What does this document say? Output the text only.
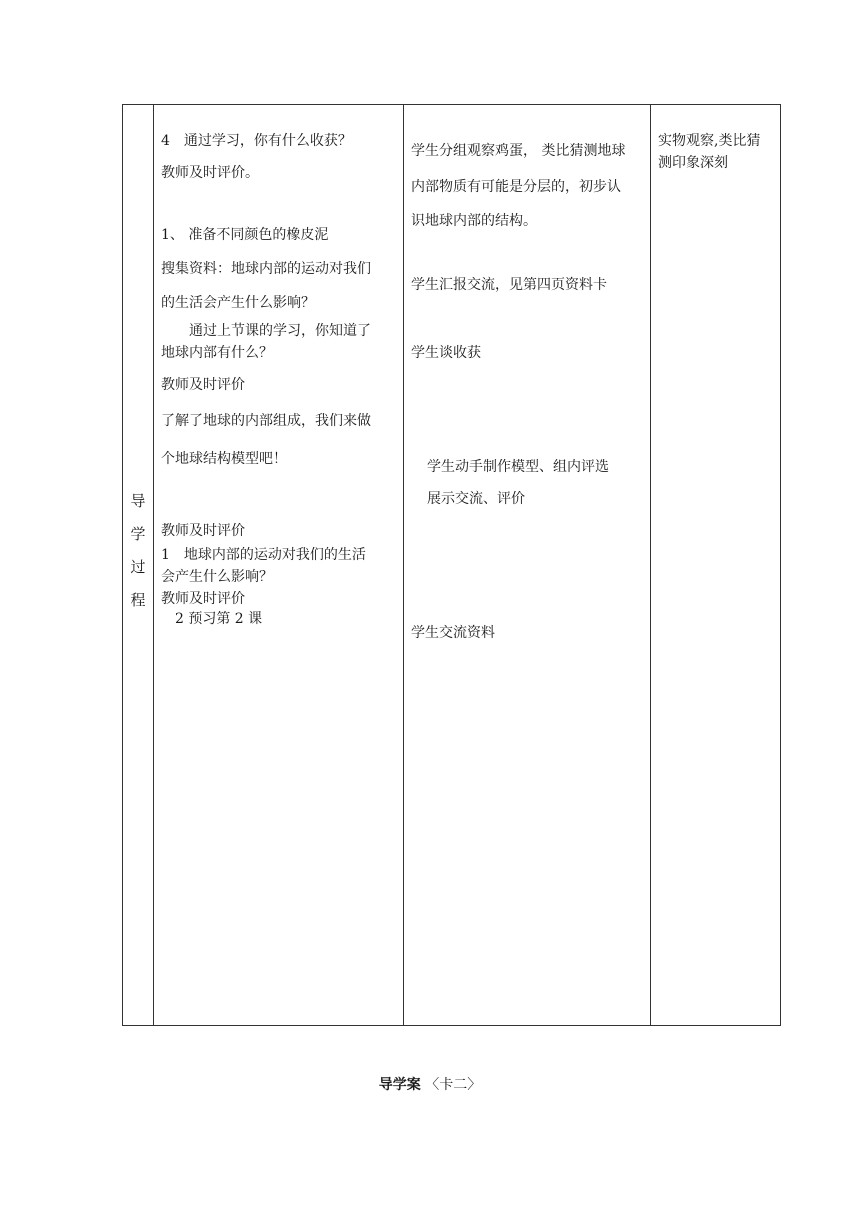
导
学
过
程
4　通过学习，你有什么收获？
教师及时评价。
1、 准备不同颜色的橡皮泥
搜集资料：地球内部的运动对我们
的生活会产生什么影响？
　　通过上节课的学习，你知道了
地球内部有什么？
教师及时评价
了解了地球的内部组成，我们来做
个地球结构模型吧！
教师及时评价
1　地球内部的运动对我们的生活
会产生什么影响？
教师及时评价
　2 预习第 2 课
学生分组观察鸡蛋， 类比猜测地球
内部物质有可能是分层的，初步认
识地球内部的结构。
学生汇报交流，见第四页资料卡
学生谈收获
学生动手制作模型、组内评选
展示交流、评价
学生交流资料
实物观察,类比猜
测印象深刻
导学案 〈卡二〉
